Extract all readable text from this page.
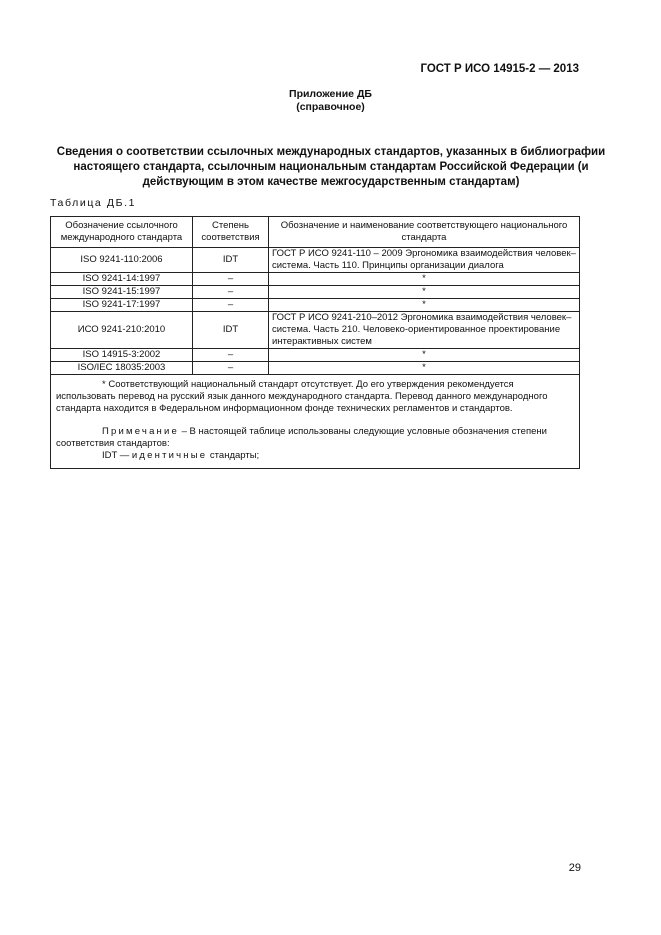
ГОСТ Р ИСО 14915-2 — 2013
Приложение ДБ
(справочное)
Сведения о соответствии ссылочных международных стандартов, указанных в библиографии
настоящего стандарта, ссылочным национальным стандартам Российской Федерации (и
действующим в этом качестве межгосударственным стандартам)
Таблица ДБ.1
Обозначение ссылочного международного стандарта	Степень соответствия	Обозначение и наименование соответствующего национального стандарта
ISO 9241-110:2006	IDT	ГОСТ Р ИСО 9241-110 – 2009 Эргономика взаимодействия человек–система. Часть 110. Принципы организации диалога
ISO 9241-14:1997	–	*
ISO 9241-15:1997	–	*
ISO 9241-17:1997	–	*
ИСО 9241-210:2010	IDT	ГОСТ Р ИСО 9241-210–2012 Эргономика взаимодействия человек–система. Часть 210. Человеко-ориентированное проектирование интерактивных систем
ISO 14915-3:2002	–	*
ISO/IEC 18035:2003	–	*

* Соответствующий национальный стандарт отсутствует. До его утверждения рекомендуется использовать перевод на русский язык данного международного стандарта. Перевод данного международного стандарта находится в Федеральном информационном фонде технических регламентов и стандартов.

Примечание – В настоящей таблице использованы следующие условные обозначения степени соответствия стандартов:

IDT — идентичные стандарты;		

29
